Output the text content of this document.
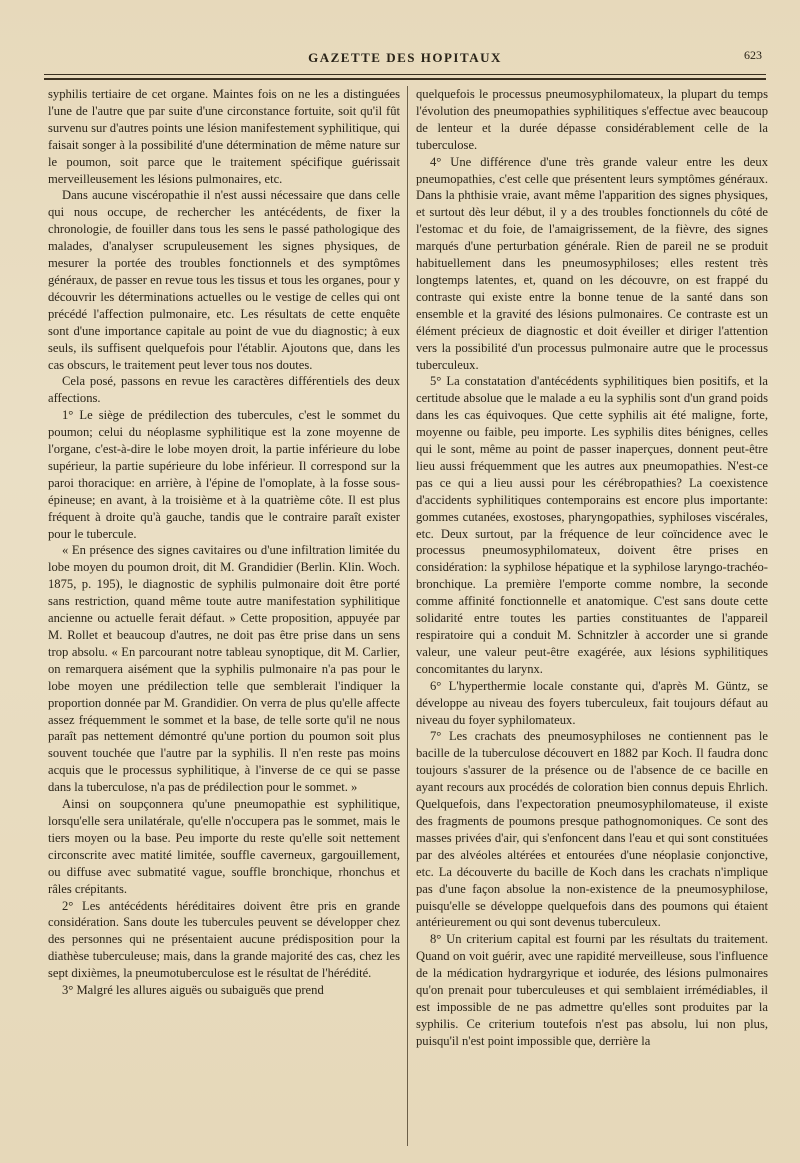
GAZETTE DES HOPITAUX	623

syphilis tertiaire de cet organe. Maintes fois on ne les a distinguées l'une de l'autre que par suite d'une circonstance fortuite, soit qu'il fût survenu sur d'autres points une lésion manifestement syphilitique, qui faisait songer à la possibilité d'une détermination de même nature sur le poumon, soit parce que le traitement spécifique guérissait merveilleusement les lésions pulmonaires, etc.

Dans aucune viscéropathie il n'est aussi nécessaire que dans celle qui nous occupe, de rechercher les antécédents, de fixer la chronologie, de fouiller dans tous les sens le passé pathologique des malades, d'analyser scrupuleusement les signes physiques, de mesurer la portée des troubles fonctionnels et des symptômes généraux, de passer en revue tous les tissus et tous les organes, pour y découvrir les déterminations actuelles ou le vestige de celles qui ont précédé l'affection pulmonaire, etc. Les résultats de cette enquête sont d'une importance capitale au point de vue du diagnostic; à eux seuls, ils suffisent quelquefois pour l'établir. Ajoutons que, dans les cas obscurs, le traitement peut lever tous nos doutes.

Cela posé, passons en revue les caractères différentiels des deux affections.

1° Le siège de prédilection des tubercules, c'est le sommet du poumon; celui du néoplasme syphilitique est la zone moyenne de l'organe, c'est-à-dire le lobe moyen droit, la partie inférieure du lobe supérieur, la partie supérieure du lobe inférieur. Il correspond sur la paroi thoracique: en arrière, à l'épine de l'omoplate, à la fosse sous-épineuse; en avant, à la troisième et à la quatrième côte. Il est plus fréquent à droite qu'à gauche, tandis que le contraire paraît exister pour le tubercule.

« En présence des signes cavitaires ou d'une infiltration limitée du lobe moyen du poumon droit, dit M. Grandidier (Berlin. Klin. Woch. 1875, p. 195), le diagnostic de syphilis pulmonaire doit être porté sans restriction, quand même toute autre manifestation syphilitique ancienne ou actuelle ferait défaut. » Cette proposition, appuyée par M. Rollet et beaucoup d'autres, ne doit pas être prise dans un sens trop absolu. « En parcourant notre tableau synoptique, dit M. Carlier, on remarquera aisément que la syphilis pulmonaire n'a pas pour le lobe moyen une prédilection telle que semblerait l'indiquer la proportion donnée par M. Grandidier. On verra de plus qu'elle affecte assez fréquemment le sommet et la base, de telle sorte qu'il ne nous paraît pas nettement démontré qu'une portion du poumon soit plus souvent touchée que l'autre par la syphilis. Il n'en reste pas moins acquis que le processus syphilitique, à l'inverse de ce qui se passe dans la tuberculose, n'a pas de prédilection pour le sommet. »

Ainsi on soupçonnera qu'une pneumopathie est syphilitique, lorsqu'elle sera unilatérale, qu'elle n'occupera pas le sommet, mais le tiers moyen ou la base. Peu importe du reste qu'elle soit nettement circonscrite avec matité limitée, souffle caverneux, gargouillement, ou diffuse avec submatité vague, souffle bronchique, rhonchus et râles crépitants.

2° Les antécédents héréditaires doivent être pris en grande considération. Sans doute les tubercules peuvent se développer chez des personnes qui ne présentaient aucune prédisposition pour la diathèse tuberculeuse; mais, dans la grande majorité des cas, chez les sept dixièmes, la pneumotuberculose est le résultat de l'hérédité.

3° Malgré les allures aiguës ou subaiguës que prend

quelquefois le processus pneumosyphilomateux, la plupart du temps l'évolution des pneumopathies syphilitiques s'effectue avec beaucoup de lenteur et la durée dépasse considérablement celle de la tuberculose.

4° Une différence d'une très grande valeur entre les deux pneumopathies, c'est celle que présentent leurs symptômes généraux. Dans la phthisie vraie, avant même l'apparition des signes physiques, et surtout dès leur début, il y a des troubles fonctionnels du côté de l'estomac et du foie, de l'amaigrissement, de la fièvre, des signes marqués d'une perturbation générale. Rien de pareil ne se produit habituellement dans les pneumosyphiloses; elles restent très longtemps latentes, et, quand on les découvre, on est frappé du contraste qui existe entre la bonne tenue de la santé dans son ensemble et la gravité des lésions pulmonaires. Ce contraste est un élément précieux de diagnostic et doit éveiller et diriger l'attention vers la possibilité d'un processus pulmonaire autre que le processus tuberculeux.

5° La constatation d'antécédents syphilitiques bien positifs, et la certitude absolue que le malade a eu la syphilis sont d'un grand poids dans les cas équivoques. Que cette syphilis ait été maligne, forte, moyenne ou faible, peu importe. Les syphilis dites bénignes, celles qui le sont, même au point de passer inaperçues, donnent peut-être lieu aussi fréquemment que les autres aux pneumopathies. N'est-ce pas ce qui a lieu aussi pour les cérébropathies? La coexistence d'accidents syphilitiques contemporains est encore plus importante: gommes cutanées, exostoses, pharyngopathies, syphiloses viscérales, etc. Deux surtout, par la fréquence de leur coïncidence avec le processus pneumosyphilomateux, doivent être prises en considération: la syphilose hépatique et la syphilose laryngo-trachéo-bronchique. La première l'emporte comme nombre, la seconde comme affinité fonctionnelle et anatomique. C'est sans doute cette solidarité entre toutes les parties constituantes de l'appareil respiratoire qui a conduit M. Schnitzler à accorder une si grande valeur, une valeur peut-être exagérée, aux lésions syphilitiques concomitantes du larynx.

6° L'hyperthermie locale constante qui, d'après M. Güntz, se développe au niveau des foyers tuberculeux, fait toujours défaut au niveau du foyer syphilomateux.

7° Les crachats des pneumosyphiloses ne contiennent pas le bacille de la tuberculose découvert en 1882 par Koch. Il faudra donc toujours s'assurer de la présence ou de l'absence de ce bacille en ayant recours aux procédés de coloration bien connus depuis Ehrlich. Quelquefois, dans l'expectoration pneumosyphilomateuse, il existe des fragments de poumons presque pathognomoniques. Ce sont des masses privées d'air, qui s'enfoncent dans l'eau et qui sont constituées par des alvéoles altérées et entourées d'une néoplasie conjonctive, etc. La découverte du bacille de Koch dans les crachats n'implique pas d'une façon absolue la non-existence de la pneumosyphilose, puisqu'elle se développe quelquefois dans des poumons qui étaient antérieurement ou qui sont devenus tuberculeux.

8° Un criterium capital est fourni par les résultats du traitement. Quand on voit guérir, avec une rapidité merveilleuse, sous l'influence de la médication hydrargyrique et iodurée, des lésions pulmonaires qu'on prenait pour tuberculeuses et qui semblaient irrémédiables, il est impossible de ne pas admettre qu'elles sont produites par la syphilis. Ce criterium toutefois n'est pas absolu, lui non plus, puisqu'il n'est point impossible que, derrière la
